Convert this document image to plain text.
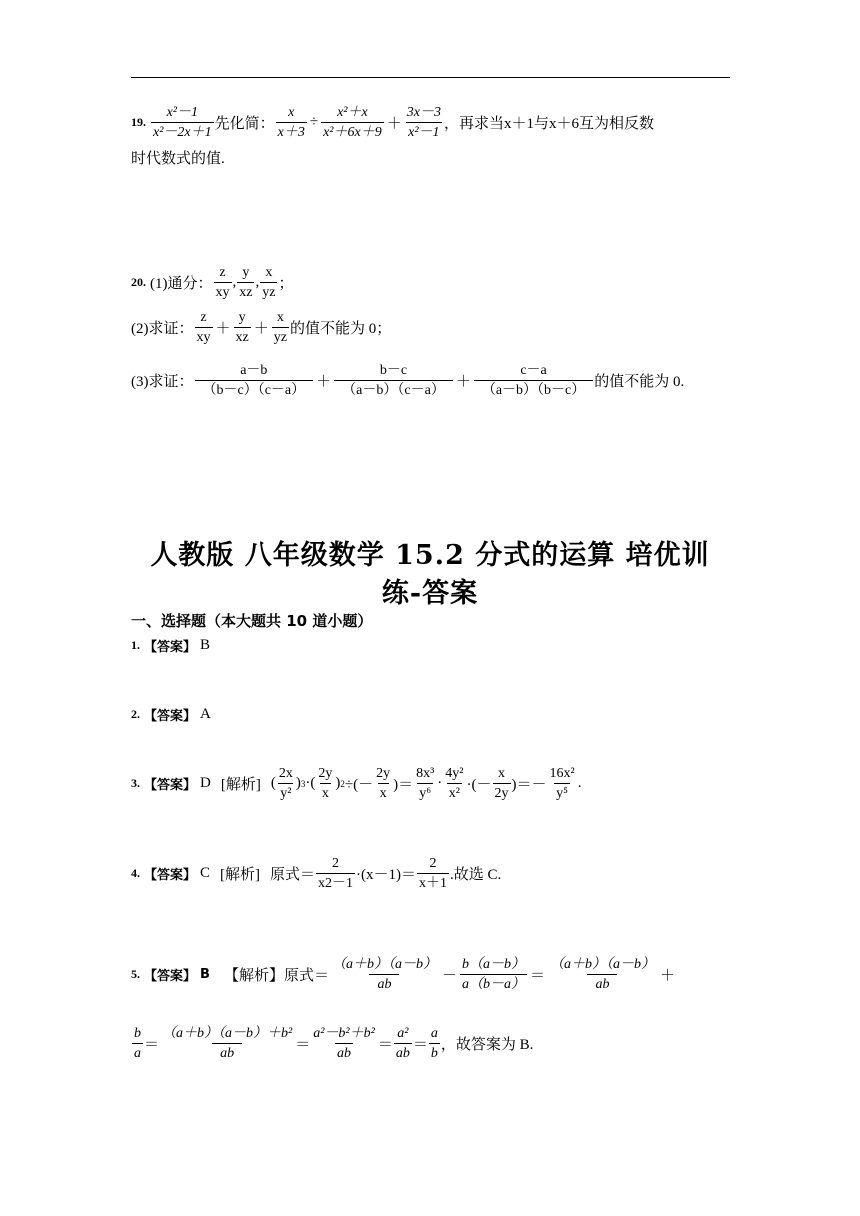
19. $\frac{\text{x²－1}}{\text{x²－2x＋1}}$ 先化简： $\frac{x}{x+3} \div \frac{\text{x²＋x}}{\text{x²＋6x＋9}} + \frac{3x-3}{\text{x²－1}}$ ，再求当x＋1与x＋6互为相反数
时代数式的值.
20. (1)通分： $\frac{z}{xy}$ , $\frac{y}{xz}$ , $\frac{x}{yz}$ ；
(2)求证： $\frac{z}{xy} + \frac{y}{xz} + \frac{x}{yz}$ 的值不能为 0；
(3)求证： $\frac{a-b}{(b-c)(c-a)} + \frac{b-c}{(a-b)(c-a)} + \frac{c-a}{(a-b)(b-c)}$ 的值不能为 0.
人教版 八年级数学 15.2 分式的运算 培优训
练-答案
一、选择题（本大题共 10 道小题）
1. 【答案】 B
2. 【答案】 A
3. 【答案】 D [解析] ( $\frac{2x}{\text{y²}}$ ) 3 ·( $\frac{2y}{x}$ ) 2 ÷(－ $\frac{2y}{x}$ )＝ $\frac{\text{8x³}}{\text{y⁶}} \cdot \frac{\text{4y²}}{\text{x²}}$ ·(－ $\frac{x}{2y}$ )＝－ $\frac{\text{16x²}}{\text{y⁵}}$ .
4. 【答案】 C [解析] 原式＝ $\frac{2}{x2-1} \cdot(x-1)= \frac{2}{x+1}$ .故选 C.
5. 【答案】 B 【解析】原式＝ $\frac{(a+b)(a-b)}{ab} - \frac{b(a-b)}{a(b-a)} = \frac{(a+b)(a-b)}{ab}$ ＋
$\frac{b}{a} = \frac{\text{（a＋b）（a－b）＋b²}}{ab} = \frac{\text{a²－b²＋b²}}{ab} = \frac{\text{a²}}{ab} = \frac{a}{b}$ ，故答案为 B.
